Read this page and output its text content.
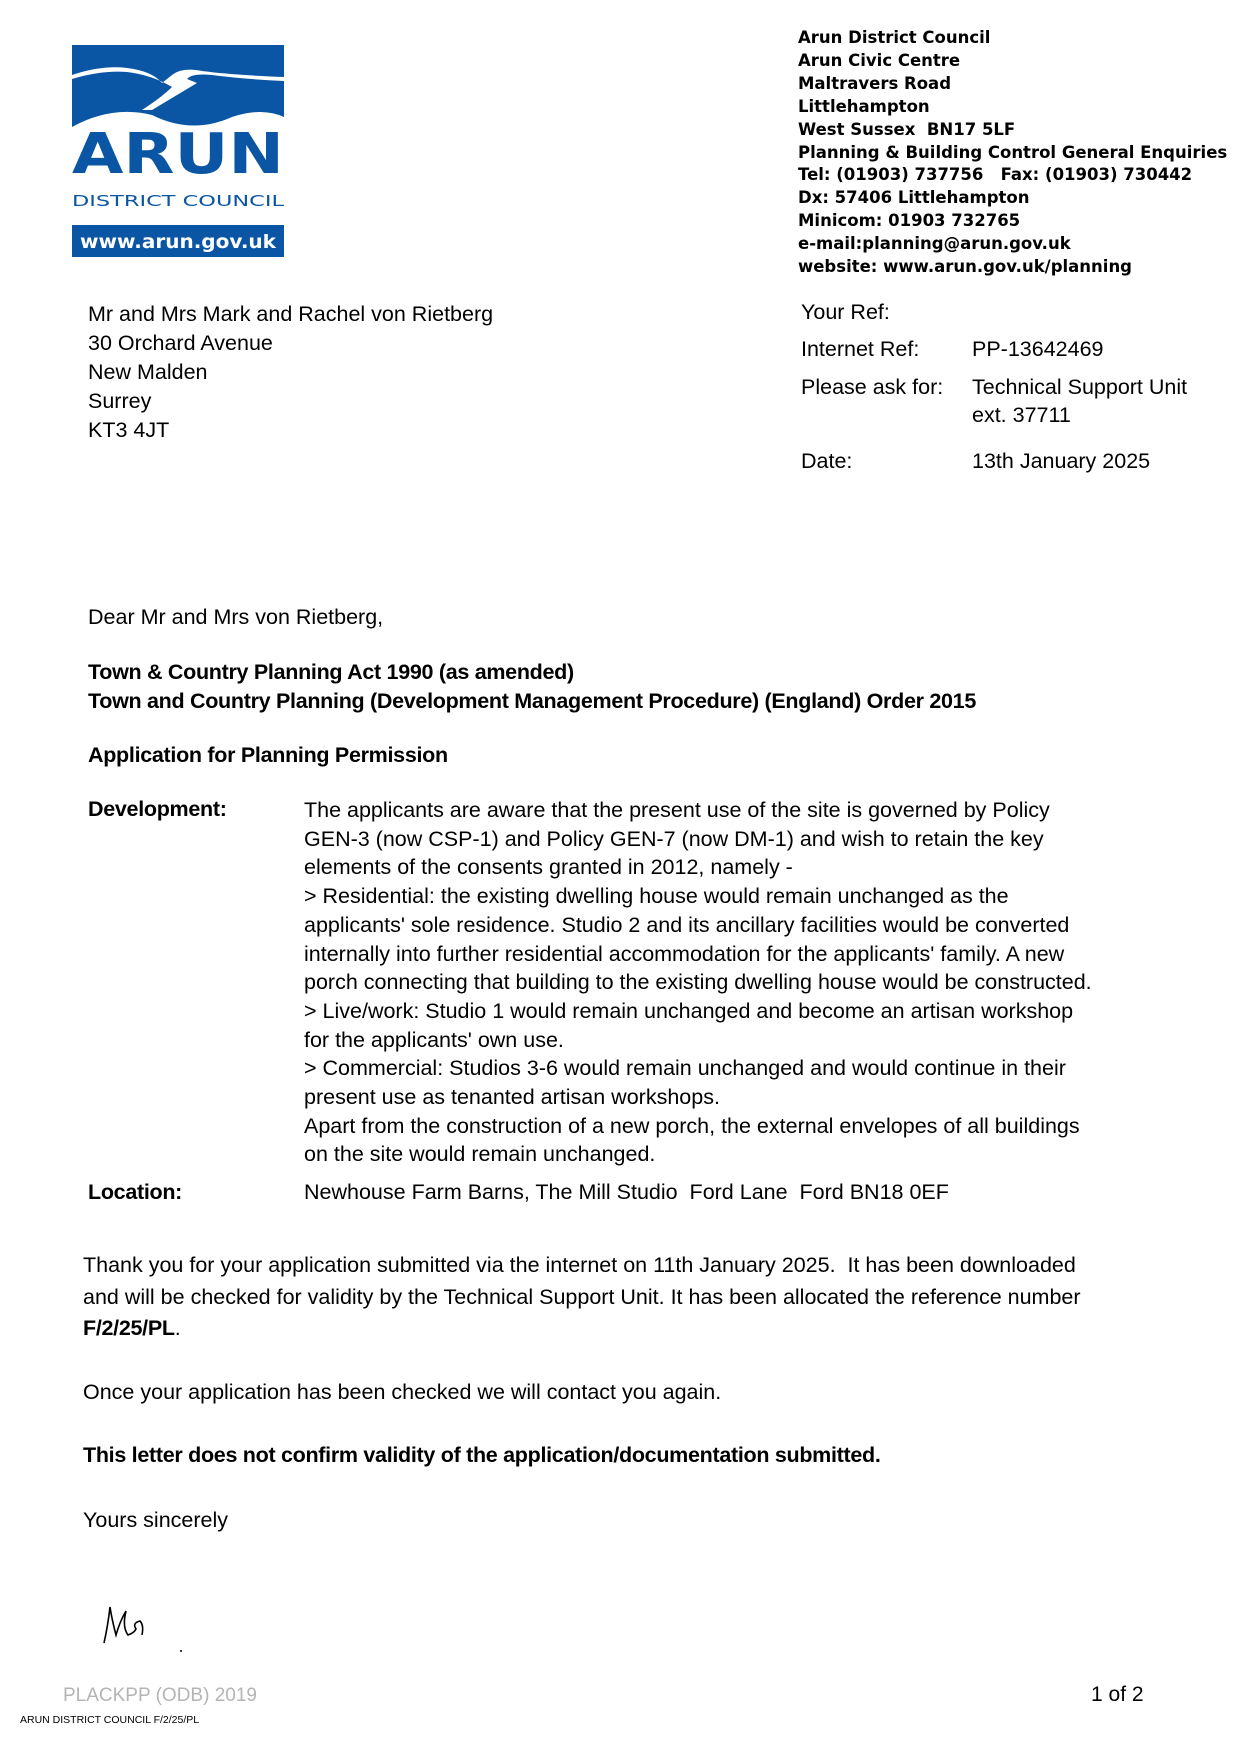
ARUN
DISTRICT COUNCIL
www.arun.gov.uk
Arun District Council
Arun Civic Centre
Maltravers Road
Littlehampton
West Sussex  BN17 5LF
Planning & Building Control General Enquiries
Tel: (01903) 737756   Fax: (01903) 730442
Dx: 57406 Littlehampton
Minicom: 01903 732765
e-mail:planning@arun.gov.uk
website: www.arun.gov.uk/planning
Mr and Mrs Mark and Rachel von Rietberg
30 Orchard Avenue
New Malden
Surrey
KT3 4JT
Your Ref:
Internet Ref: PP-13642469
Please ask for: Technical Support Unit
ext. 37711
Date:	13th January 2025
Dear Mr and Mrs von Rietberg,
Town & Country Planning Act 1990 (as amended)
Town and Country Planning (Development Management Procedure) (England) Order 2015
Application for Planning Permission
Development:	The applicants are aware that the present use of the site is governed by Policy
GEN-3 (now CSP-1) and Policy GEN-7 (now DM-1) and wish to retain the key
elements of the consents granted in 2012, namely -
> Residential: the existing dwelling house would remain unchanged as the
applicants' sole residence. Studio 2 and its ancillary facilities would be converted
internally into further residential accommodation for the applicants' family. A new
porch connecting that building to the existing dwelling house would be constructed.
> Live/work: Studio 1 would remain unchanged and become an artisan workshop
for the applicants' own use.
> Commercial: Studios 3-6 would remain unchanged and would continue in their
present use as tenanted artisan workshops.
Apart from the construction of a new porch, the external envelopes of all buildings
on the site would remain unchanged.
Location:	Newhouse Farm Barns, The Mill Studio  Ford Lane  Ford BN18 0EF
Thank you for your application submitted via the internet on 11th January 2025.  It has been downloaded
and will be checked for validity by the Technical Support Unit. It has been allocated the reference number
F/2/25/PL.
Once your application has been checked we will contact you again.
This letter does not confirm validity of the application/documentation submitted.
Yours sincerely
PLACKPP (ODB) 2019	1 of 2
ARUN DISTRICT COUNCIL F/2/25/PL
